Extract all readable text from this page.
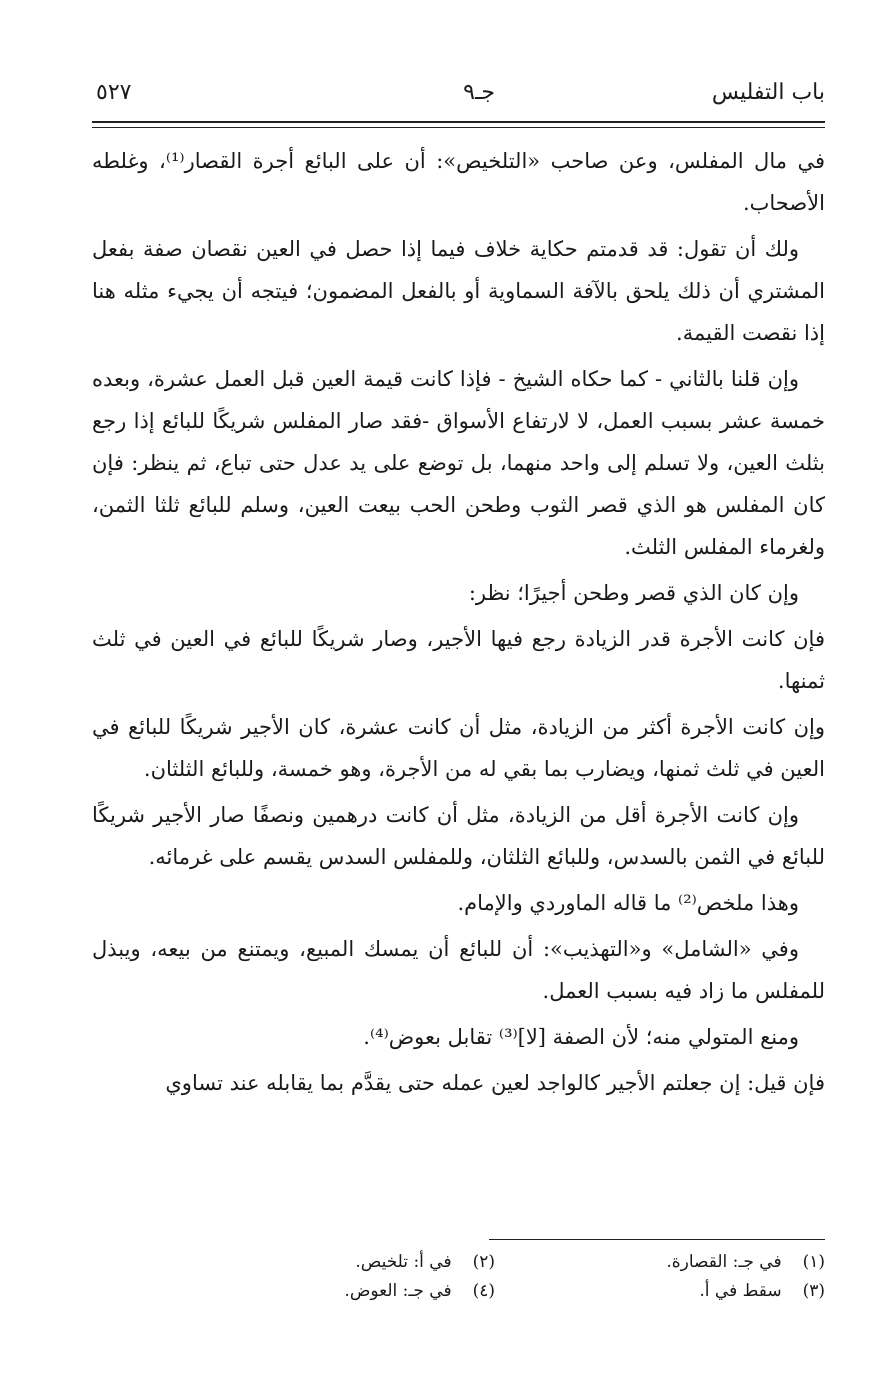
باب التفليس
جـ٩
٥٢٧

في مال المفلس، وعن صاحب «التلخيص»: أن على البائع أجرة القصار⁽¹⁾، وغلطه الأصحاب.

ولك أن تقول: قد قدمتم حكاية خلاف فيما إذا حصل في العين نقصان صفة بفعل المشتري أن ذلك يلحق بالآفة السماوية أو بالفعل المضمون؛ فيتجه أن يجيء مثله هنا إذا نقصت القيمة.

وإن قلنا بالثاني - كما حكاه الشيخ - فإذا كانت قيمة العين قبل العمل عشرة، وبعده خمسة عشر بسبب العمل، لا لارتفاع الأسواق -فقد صار المفلس شريكًا للبائع إذا رجع بثلث العين، ولا تسلم إلى واحد منهما، بل توضع على يد عدل حتى تباع، ثم ينظر: فإن كان المفلس هو الذي قصر الثوب وطحن الحب بيعت العين، وسلم للبائع ثلثا الثمن، ولغرماء المفلس الثلث.

وإن كان الذي قصر وطحن أجيرًا؛ نظر:

فإن كانت الأجرة قدر الزيادة رجع فيها الأجير، وصار شريكًا للبائع في العين في ثلث ثمنها.

وإن كانت الأجرة أكثر من الزيادة، مثل أن كانت عشرة، كان الأجير شريكًا للبائع في العين في ثلث ثمنها، ويضارب بما بقي له من الأجرة، وهو خمسة، وللبائع الثلثان.

وإن كانت الأجرة أقل من الزيادة، مثل أن كانت درهمين ونصفًا صار الأجير شريكًا للبائع في الثمن بالسدس، وللبائع الثلثان، وللمفلس السدس يقسم على غرمائه.

وهذا ملخص⁽²⁾ ما قاله الماوردي والإمام.

وفي «الشامل» و«التهذيب»: أن للبائع أن يمسك المبيع، ويمتنع من بيعه، ويبذل للمفلس ما زاد فيه بسبب العمل.

ومنع المتولي منه؛ لأن الصفة [لا]⁽³⁾ تقابل بعوض⁽⁴⁾.

فإن قيل: إن جعلتم الأجير كالواجد لعين عمله حتى يقدَّم بما يقابله عند تساوي

(١) في جـ: القصارة.
(٢) في أ: تلخيص.
(٣) سقط في أ.
(٤) في جـ: العوض.
